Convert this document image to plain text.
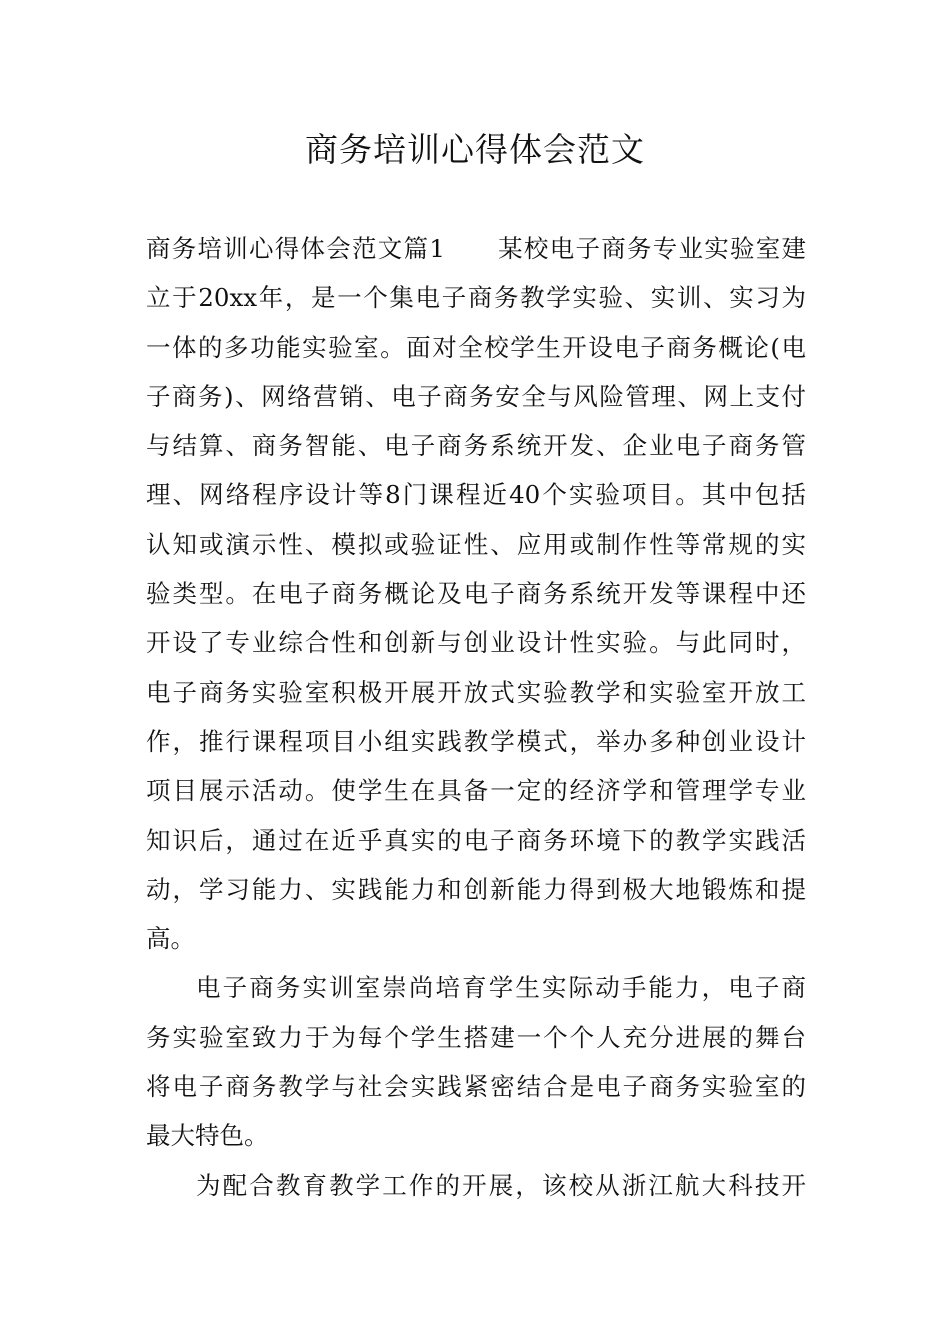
商务培训心得体会范文
商务培训心得体会范文篇1 某校电子商务专业实验室建
立于20xx年，是一个集电子商务教学实验、实训、实习为
一体的多功能实验室。面对全校学生开设电子商务概论(电
子商务)、网络营销、电子商务安全与风险管理、网上支付
与结算、商务智能、电子商务系统开发、企业电子商务管
理、网络程序设计等8门课程近40个实验项目。其中包括
认知或演示性、模拟或验证性、应用或制作性等常规的实
验类型。在电子商务概论及电子商务系统开发等课程中还
开设了专业综合性和创新与创业设计性实验。与此同时，
电子商务实验室积极开展开放式实验教学和实验室开放工
作，推行课程项目小组实践教学模式，举办多种创业设计
项目展示活动。使学生在具备一定的经济学和管理学专业
知识后，通过在近乎真实的电子商务环境下的教学实践活
动，学习能力、实践能力和创新能力得到极大地锻炼和提
高。
电子商务实训室崇尚培育学生实际动手能力，电子商
务实验室致力于为每个学生搭建一个个人充分进展的舞台
将电子商务教学与社会实践紧密结合是电子商务实验室的
最大特色。
为配合教育教学工作的开展，该校从浙江航大科技开
